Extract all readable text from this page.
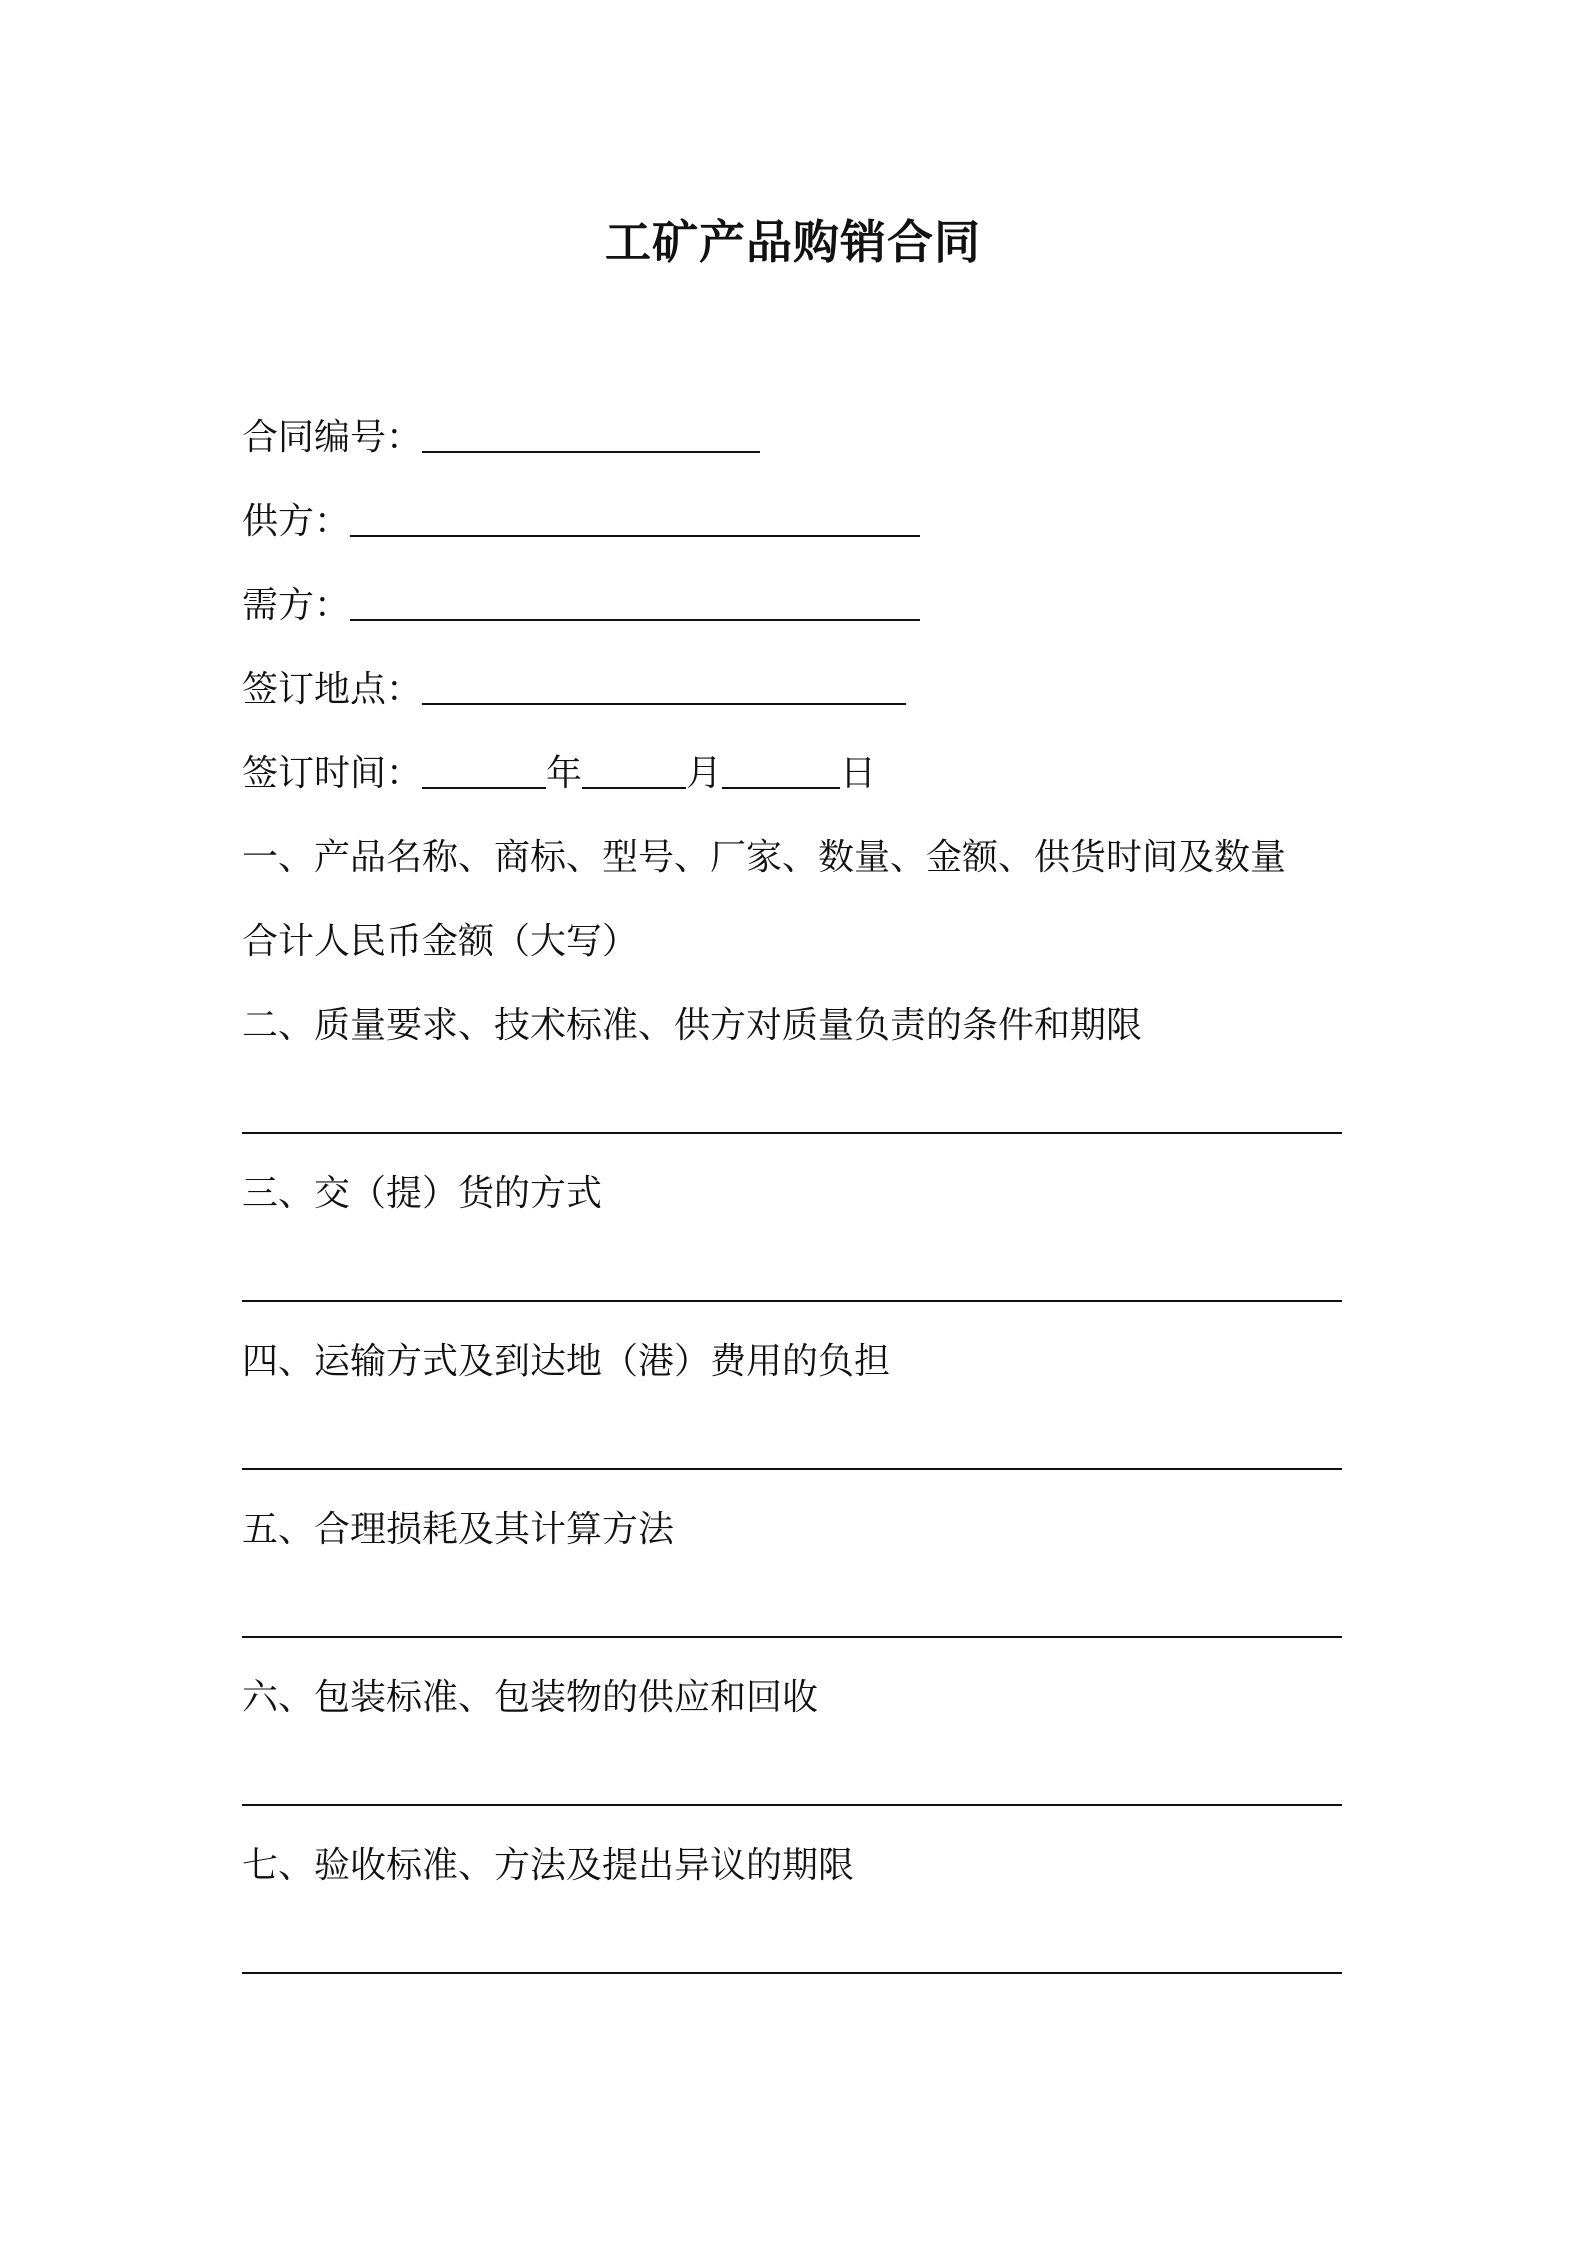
工矿产品购销合同
合同编号：
供方：
需方：
签订地点：
签订时间：	年	月	日
一、产品名称、商标、型号、厂家、数量、金额、供货时间及数量
合计人民币金额（大写）
二、质量要求、技术标准、供方对质量负责的条件和期限
三、交（提）货的方式
四、运输方式及到达地（港）费用的负担
五、合理损耗及其计算方法
六、包装标准、包装物的供应和回收
七、验收标准、方法及提出异议的期限
